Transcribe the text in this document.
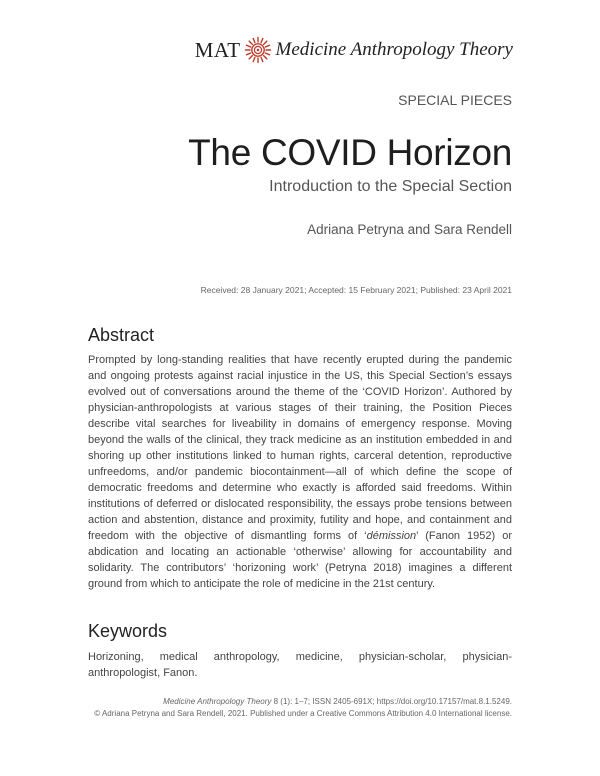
MAT Medicine Anthropology Theory
SPECIAL PIECES
The COVID Horizon
Introduction to the Special Section
Adriana Petryna and Sara Rendell
Received: 28 January 2021; Accepted: 15 February 2021; Published: 23 April 2021
Abstract
Prompted by long-standing realities that have recently erupted during the pandemic and ongoing protests against racial injustice in the US, this Special Section’s essays evolved out of conversations around the theme of the ‘COVID Horizon’. Authored by physician-anthropologists at various stages of their training, the Position Pieces describe vital searches for liveability in domains of emergency response. Moving beyond the walls of the clinical, they track medicine as an institution embedded in and shoring up other institutions linked to human rights, carceral detention, reproductive unfreedoms, and/or pandemic biocontainment—all of which define the scope of democratic freedoms and determine who exactly is afforded said freedoms. Within institutions of deferred or dislocated responsibility, the essays probe tensions between action and abstention, distance and proximity, futility and hope, and containment and freedom with the objective of dismantling forms of ‘démission’ (Fanon 1952) or abdication and locating an actionable ‘otherwise’ allowing for accountability and solidarity. The contributors’ ‘horizoning work’ (Petryna 2018) imagines a different ground from which to anticipate the role of medicine in the 21st century.
Keywords
Horizoning, medical anthropology, medicine, physician-scholar, physician-anthropologist, Fanon.
Medicine Anthropology Theory 8 (1): 1–7; ISSN 2405-691X; https://doi.org/10.17157/mat.8.1.5249.
© Adriana Petryna and Sara Rendell, 2021. Published under a Creative Commons Attribution 4.0 International license.
